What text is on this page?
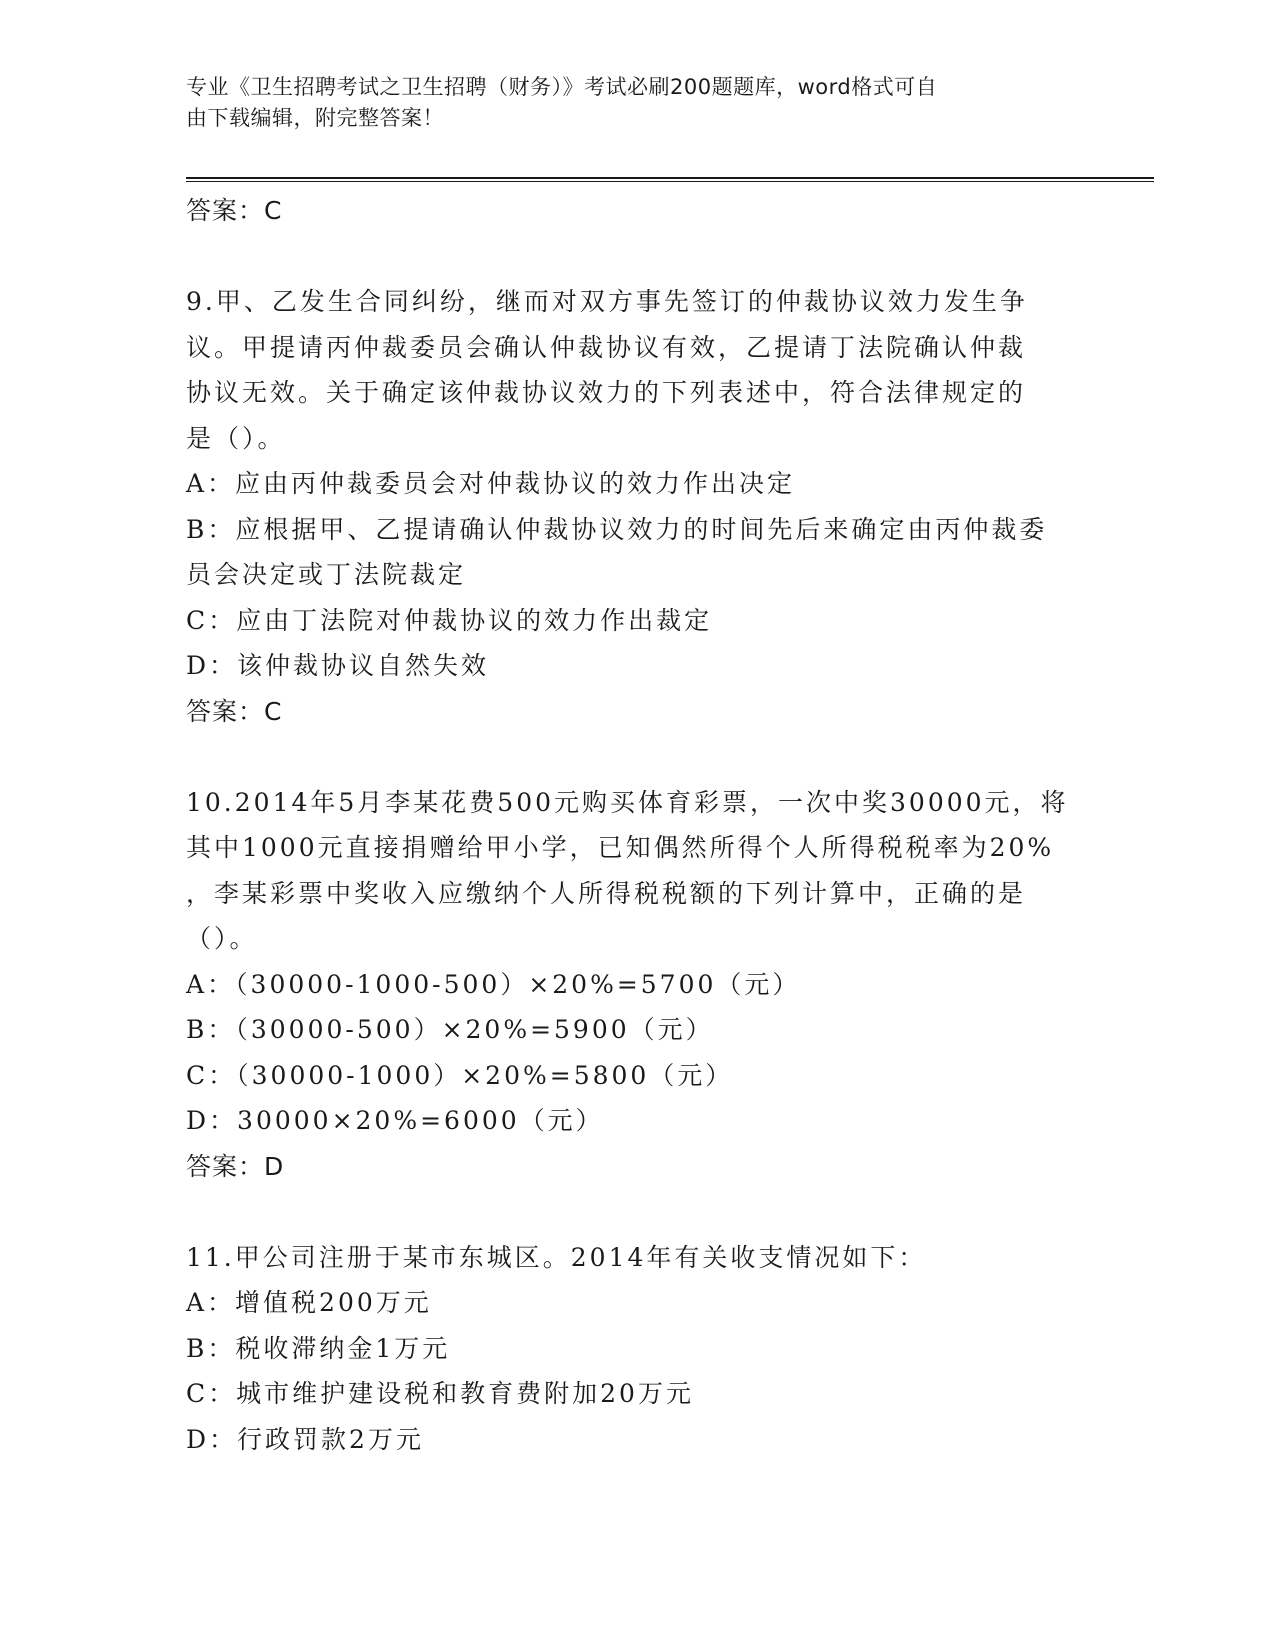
专业《卫生招聘考试之卫生招聘（财务）》考试必刷200题题库，word格式可自
由下载编辑，附完整答案！

答案：C

9.甲、乙发生合同纠纷，继而对双方事先签订的仲裁协议效力发生争

议。甲提请丙仲裁委员会确认仲裁协议有效，乙提请丁法院确认仲裁

协议无效。关于确定该仲裁协议效力的下列表述中，符合法律规定的

是（）。

A：应由丙仲裁委员会对仲裁协议的效力作出决定

B：应根据甲、乙提请确认仲裁协议效力的时间先后来确定由丙仲裁委

员会决定或丁法院裁定

C：应由丁法院对仲裁协议的效力作出裁定

D：该仲裁协议自然失效

答案：C

10.2014年5月李某花费500元购买体育彩票，一次中奖30000元，将

其中1000元直接捐赠给甲小学，已知偶然所得个人所得税税率为20%

，李某彩票中奖收入应缴纳个人所得税税额的下列计算中，正确的是

（）。

A：（30000-1000-500）×20%=5700（元）

B：（30000-500）×20%=5900（元）

C：（30000-1000）×20%=5800（元）

D：30000×20%=6000（元）

答案：D

11.甲公司注册于某市东城区。2014年有关收支情况如下：

A：增值税200万元

B：税收滞纳金1万元

C：城市维护建设税和教育费附加20万元

D：行政罚款2万元
